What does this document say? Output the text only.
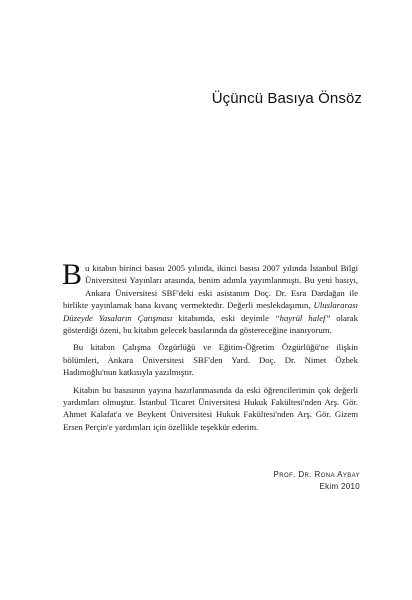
Üçüncü Basıya Önsöz

Bu kitabın birinci basısı 2005 yılında, ikinci basısı 2007 yılında İstanbul Bilgi Üniversitesi Yayınları arasında, benim adımla yayımlanmıştı. Bu yeni basıyı, Ankara Üniversitesi SBF'deki eski asistanım Doç. Dr. Esra Dardağan ile birlikte yayınlamak bana kıvanç vermektedir. Değerli meslekdaşımın, Uluslararası Düzeyde Yasaların Çatışması kitabımda, eski deyimle “hayrül halef” olarak gösterdiği özeni, bu kitabın gelecek basılarında da göstereceğine inanıyorum.

Bu kitabın Çalışma Özgürlüğü ve Eğitim-Öğretim Özgürlüğü'ne ilişkin bölümleri, Ankara Üniversitesi SBF'den Yard. Doç. Dr. Nimet Özbek Hadimoğlu'nun katkısıyla yazılmıştır.

Kitabın bu basısının yayına hazırlanmasında da eski öğrencilerimin çok değerli yardımları olmuştur. İstanbul Ticaret Üniversitesi Hukuk Fakültesi'nden Arş. Gör. Ahmet Kalafat'a ve Beykent Üniversitesi Hukuk Fakültesi'nden Arş. Gör. Gizem Ersen Perçin'e yardımları için özellikle teşekkür ederim.

Prof. Dr. Rona Aybay
Ekim 2010
